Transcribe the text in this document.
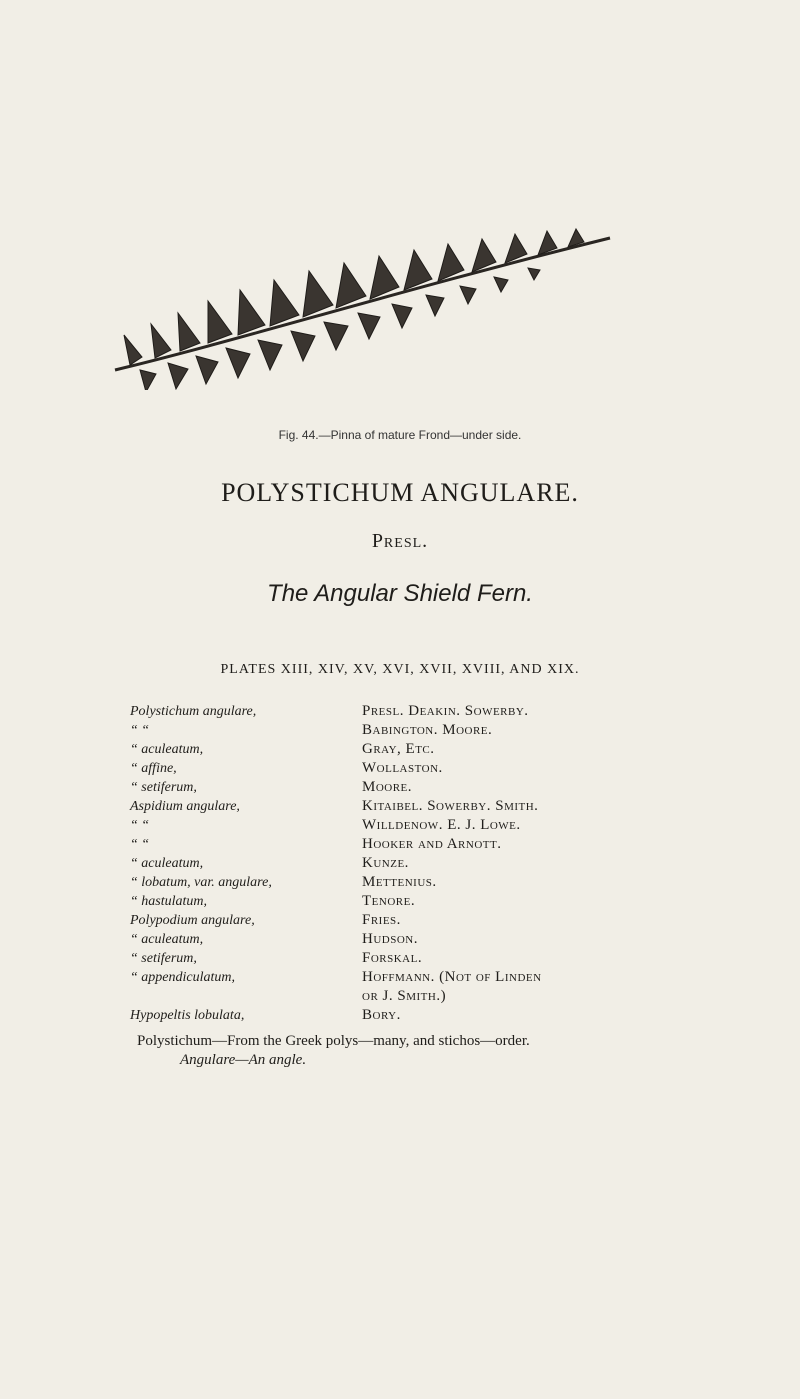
Fig. 44.—Pinna of mature Frond—under side.
POLYSTICHUM ANGULARE.
Presl.
The Angular Shield Fern.
PLATES XIII, XIV, XV, XVI, XVII, XVIII, AND XIX.
Polystichum angulare,	Presl. Deakin. Sowerby.
“ “	Babington. Moore.
“ aculeatum,	Gray, Etc.
“ affine,	Wollaston.
“ setiferum,	Moore.
Aspidium angulare,	Kitaibel. Sowerby. Smith.
“ “	Willdenow. E. J. Lowe.
“ “	Hooker and Arnott.
“ aculeatum,	Kunze.
“ lobatum, var. angulare,	Mettenius.
“ hastulatum,	Tenore.
Polypodium angulare,	Fries.
“ aculeatum,	Hudson.
“ setiferum,	Forskal.
“ appendiculatum,	Hoffmann. (Not of Linden
or J. Smith.)
Hypopeltis lobulata,	Bory.
Polystichum—From the Greek polys—many, and stichos—order.
Angulare—An angle.
